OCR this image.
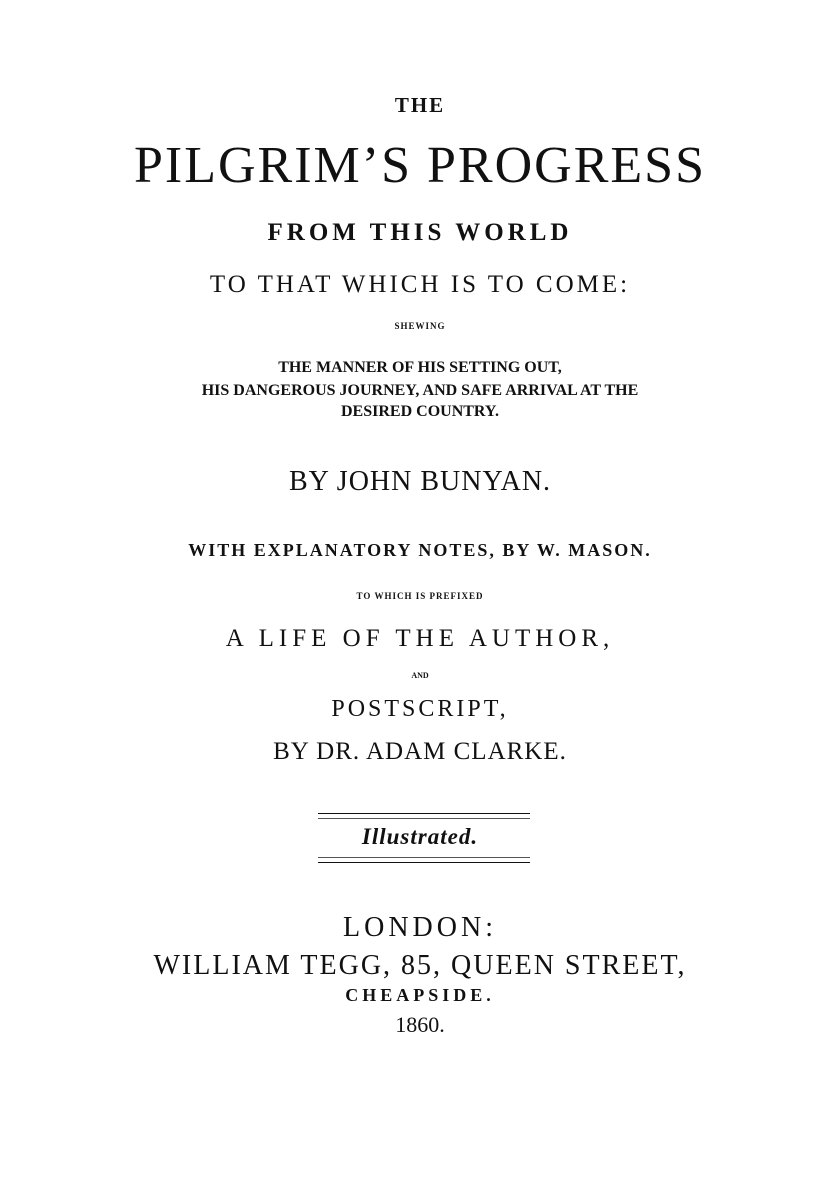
THE
PILGRIM’S PROGRESS
FROM THIS WORLD
TO THAT WHICH IS TO COME:
SHEWING
THE MANNER OF HIS SETTING OUT,
HIS DANGEROUS JOURNEY, AND SAFE ARRIVAL AT THE
DESIRED COUNTRY.
BY JOHN BUNYAN.
WITH EXPLANATORY NOTES, BY W. MASON.
TO WHICH IS PREFIXED
A LIFE OF THE AUTHOR,
AND
POSTSCRIPT,
BY DR. ADAM CLARKE.
Illustrated.
LONDON:
WILLIAM TEGG, 85, QUEEN STREET,
CHEAPSIDE.
1860.
